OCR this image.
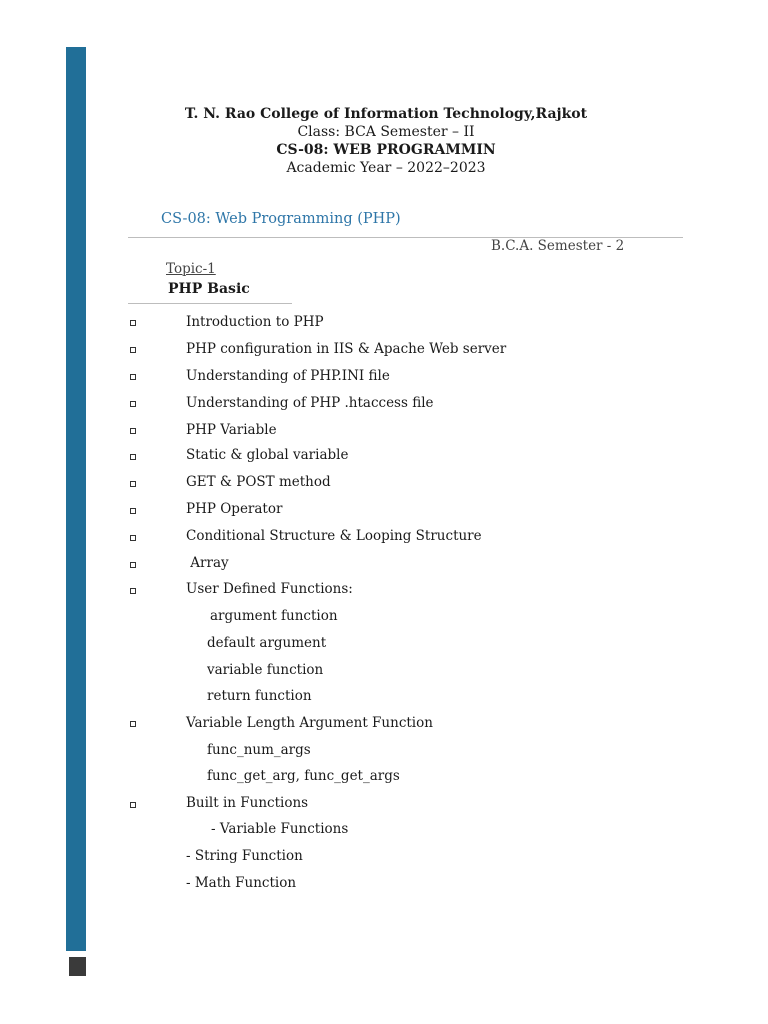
T. N. Rao College of Information Technology,Rajkot
Class: BCA Semester – II
CS-08: WEB PROGRAMMIN
Academic Year – 2022–2023
CS-08: Web Programming (PHP)
B.C.A. Semester - 2
Topic-1
PHP Basic
Introduction to PHP
PHP configuration in IIS & Apache Web server
Understanding of PHP.INI file
Understanding of PHP .htaccess file
PHP Variable
Static & global variable
GET & POST method
PHP Operator
Conditional Structure & Looping Structure
Array
User Defined Functions:
argument function
default argument
variable function
return function
Variable Length Argument Function
func_num_args
func_get_arg, func_get_args
Built in Functions
- Variable Functions
- String Function
- Math Function
